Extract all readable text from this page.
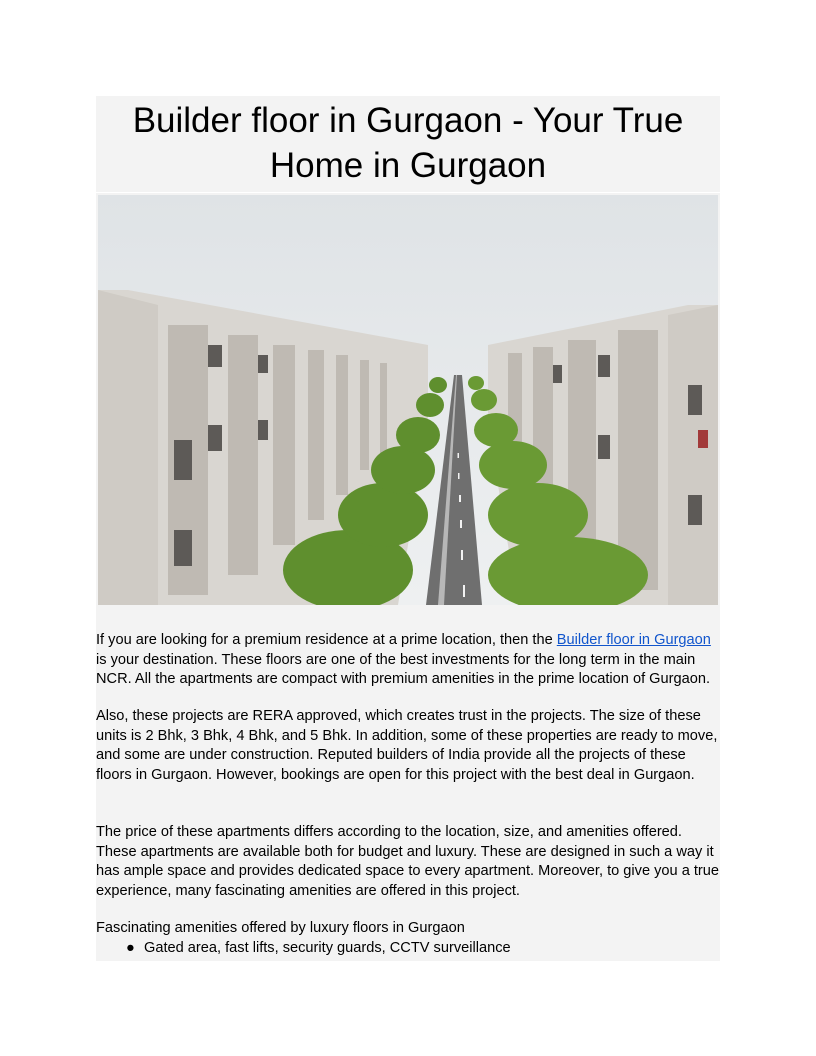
Builder floor in Gurgaon - Your True Home in Gurgaon
If you are looking for a premium residence at a prime location, then the Builder floor in Gurgaon is your destination. These floors are one of the best investments for the long term in the main NCR. All the apartments are compact with premium amenities in the prime location of Gurgaon.
Also, these projects are RERA approved, which creates trust in the projects. The size of these units is 2 Bhk, 3 Bhk, 4 Bhk, and 5 Bhk. In addition, some of these properties are ready to move, and some are under construction. Reputed builders of India provide all the projects of these floors in Gurgaon. However, bookings are open for this project with the best deal in Gurgaon.
The price of these apartments differs according to the location, size, and amenities offered. These apartments are available both for budget and luxury. These are designed in such a way it has ample space and provides dedicated space to every apartment. Moreover, to give you a true experience, many fascinating amenities are offered in this project.
Fascinating amenities offered by luxury floors in Gurgaon
● Gated area, fast lifts, security guards, CCTV surveillance
